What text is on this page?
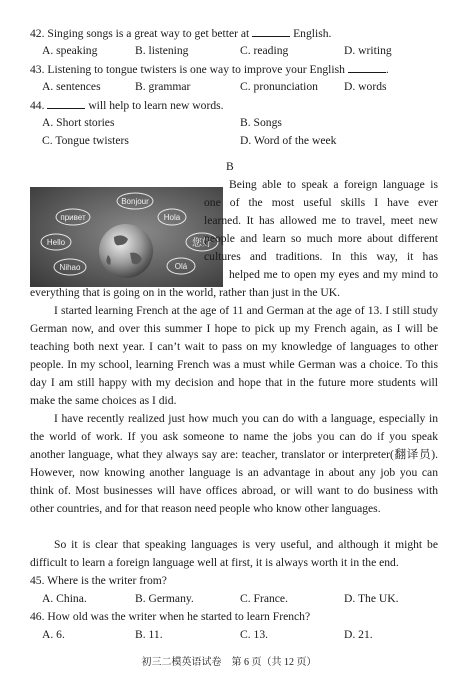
42. Singing songs is a great way to get better at	English.
A. speaking	B. listening	C. reading	D. writing
43. Listening to tongue twisters is one way to improve your English	.
A. sentences	B. grammar	C. pronunciation D. words
44.	will help to learn new words.
A. Short stories	B. Songs
C. Tongue twisters	D. Word of the week
B
Bonjour
привет	Hola
Hello	您好
Nihao	Olá
Being able to speak a foreign language is
one of the most useful skills I have ever
learned. It has allowed me to travel, meet new
people and learn so much more about different
cultures and traditions. In this way, it has
helped me to open my eyes and my mind to
everything that is going on in the world, rather than just in the UK.
I started learning French at the age of 11 and German at the age of 13. I still study German now, and over this summer I hope to pick up my French again, as I will be teaching both next year. I can’t wait to pass on my knowledge of languages to other people. In my school, learning French was a must while German was a choice. To this day I am still happy with my decision and hope that in the future more students will make the same choices as I did.
I have recently realized just how much you can do with a language, especially in the world of work. If you ask someone to name the jobs you can do if you speak another language, what they always say are: teacher, translator or interpreter(翻译员). However, now knowing another language is an advantage in about any job you can think of. Most businesses will have offices abroad, or will want to do business with other countries, and for that reason need people who know other languages.
So it is clear that speaking languages is very useful, and although it might be difficult to learn a foreign language well at first, it is always worth it in the end.
45. Where is the writer from?
A. China.	B. Germany.	C. France.	D. The UK.
46. How old was the writer when he started to learn French?
A. 6.	B. 11.	C. 13.	D. 21.
初三二模英语试卷　第 6 页（共 12 页）
